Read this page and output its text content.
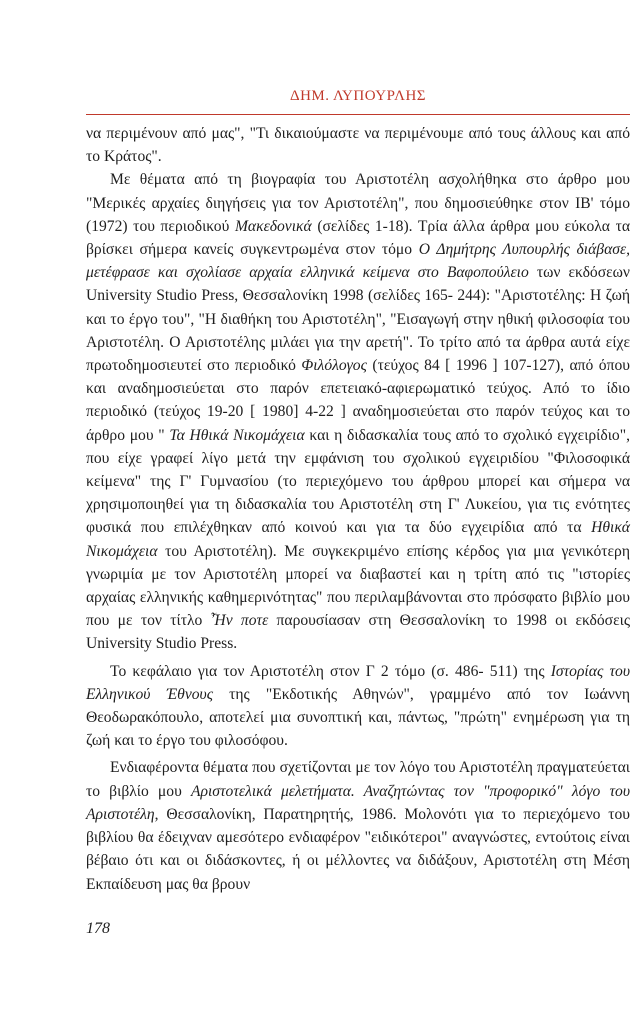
ΔΗΜ. ΛΥΠΟΥΡΛΗΣ

να περιμένουν από μας", "Τι δικαιούμαστε να περιμένουμε από τους άλλους και από το Κράτος".

Με θέματα από τη βιογραφία του Αριστοτέλη ασχολήθηκα στο άρθρο μου "Μερικές αρχαίες διηγήσεις για τον Αριστοτέλη", που δημοσιεύθηκε στον ΙΒ' τόμο (1972) του περιοδικού Μακεδονικά (σελίδες 1-18). Τρία άλλα άρθρα μου εύκολα τα βρίσκει σήμερα κανείς συγκεντρωμένα στον τόμο Ο Δημήτρης Λυπουρλής διάβασε, μετέφρασε και σχολίασε αρχαία ελληνικά κείμενα στο Βαφοπούλειο των εκδόσεων University Studio Press, Θεσσαλονίκη 1998 (σελίδες 165- 244): "Αριστοτέλης: Η ζωή και το έργο του", "Η διαθήκη του Αριστοτέλη", "Εισαγωγή στην ηθική φιλοσοφία του Αριστοτέλη. Ο Αριστοτέλης μιλάει για την αρετή". Το τρίτο από τα άρθρα αυτά είχε πρωτοδημοσιευτεί στο περιοδικό Φιλόλογος (τεύχος 84 [ 1996 ] 107-127), από όπου και αναδημοσιεύεται στο παρόν επετειακό-αφιερωματικό τεύχος. Από το ίδιο περιοδικό (τεύχος 19-20 [ 1980] 4-22 ] αναδημοσιεύεται στο παρόν τεύχος και το άρθρο μου " Τα Ηθικά Νικομάχεια και η διδασκαλία τους από το σχολικό εγχειρίδιο", που είχε γραφεί λίγο μετά την εμφάνιση του σχολικού εγχειριδίου "Φιλοσοφικά κείμενα" της Γ' Γυμνασίου (το περιεχόμενο του άρθρου μπορεί και σήμερα να χρησιμοποιηθεί για τη διδασκαλία του Αριστοτέλη στη Γ' Λυκείου, για τις ενότητες φυσικά που επιλέχθηκαν από κοινού και για τα δύο εγχειρίδια από τα Ηθικά Νικομάχεια του Αριστοτέλη). Με συγκεκριμένο επίσης κέρδος για μια γενικότερη γνωριμία με τον Αριστοτέλη μπορεί να διαβαστεί και η τρίτη από τις "ιστορίες αρχαίας ελληνικής καθημερινότητας" που περιλαμβάνονται στο πρόσφατο βιβλίο μου που με τον τίτλο Ἦν ποτε παρουσίασαν στη Θεσσαλονίκη το 1998 οι εκδόσεις University Studio Press.

Το κεφάλαιο για τον Αριστοτέλη στον Γ 2 τόμο (σ. 486- 511) της Ιστορίας του Ελληνικού Έθνους της "Εκδοτικής Αθηνών", γραμμένο από τον Ιωάννη Θεοδωρακόπουλο, αποτελεί μια συνοπτική και, πάντως, "πρώτη" ενημέρωση για τη ζωή και το έργο του φιλοσόφου.

Ενδιαφέροντα θέματα που σχετίζονται με τον λόγο του Αριστοτέλη πραγματεύεται το βιβλίο μου Αριστοτελικά μελετήματα. Αναζητώντας τον "προφορικό" λόγο του Αριστοτέλη, Θεσσαλονίκη, Παρατηρητής, 1986. Μολονότι για το περιεχόμενο του βιβλίου θα έδειχναν αμεσότερο ενδιαφέρον "ειδικότεροι" αναγνώστες, εντούτοις είναι βέβαιο ότι και οι διδάσκοντες, ή οι μέλλοντες να διδάξουν, Αριστοτέλη στη Μέση Εκπαίδευση μας θα βρουν

178
